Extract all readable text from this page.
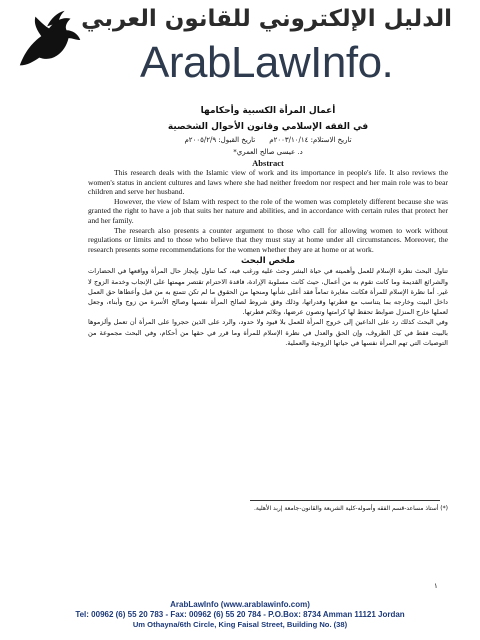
الدليل الإلكتروني للقانون العربي
ArabLawInfo.
أعمال المرأة الكسبية وأحكامها
في الفقه الإسلامي وقانون الأحوال الشخصية
تاريخ الاستلام: ٢٠٠٣/١٠/١٤م
تاريخ القبول: ٢٠٠٥/٢/٩م
د. عيسى صالح العمري*
Abstract

This research deals with the Islamic view of work and its importance in people's life. It also reviews the women's status in ancient cultures and laws where she had neither freedom nor respect and her main role was to bear children and serve her husband.

However, the view of Islam with respect to the role of the women was completely different because she was granted the right to have a job that suits her nature and abilities, and in accordance with certain rules that protect her and her family.

The research also presents a counter argument to those who call for allowing women to work without regulations or limits and to those who believe that they must stay at home under all circumstances. Moreover, the research presents some recommendations for the women whether they are at home or at work.

ملخص البحث

تناول البحث نظرة الإسلام للعمل وأهميته في حياة البشر وحث عليه ورغب فيه، كما تناول بإيجاز حال المرأة وواقعها في الحضارات والشرائع القديمة وما كانت تقوم به من أعمال، حيث كانت مسلوبة الإرادة، فاقدة الاحترام تقتصر مهمتها على الإنجاب وخدمة الزوج لا غير. أما نظرة الإسلام للمرأة فكانت مغايرة تماماً فقد أعلى شأنها ومنحها من الحقوق ما لم تكن تتمتع به من قبل وأعطاها حق العمل داخل البيت وخارجه بما يتناسب مع فطرتها وقدراتها، وذلك وفق شروط لصالح المرأة نفسها وصالح الأسرة من زوج وأبناء، وجعل لعملها خارج المنزل ضوابط تحفظ لها كرامتها وتصون عرضها، وتلائم فطرتها.

وفي البحث كذلك رد على الداعين إلى خروج المرأة للعمل بلا قيود ولا حدود، والرد على الذين حجروا على المرأة أن تعمل وألزموها بالبيت فقط في كل الظروف، وإن الحق والعدل في نظرة الإسلام للمرأة وما قرر في حقها من أحكام، وفي البحث مجموعة من التوصيات التي تهم المرأة نفسها في حياتها الزوجية والعملية.

(*) أستاذ مساعد-قسم الفقه وأصوله-كلية الشريعة والقانون-جامعة إربد الأهلية.
١
ArabLawInfo (www.arablawinfo.com)
Tel: 00962 (6) 55 20 783 - Fax: 00962 (6) 55 20 784 - P.O.Box: 8734 Amman 11121 Jordan
Um Othayna/6th Circle, King Faisal Street, Building No. (38)
